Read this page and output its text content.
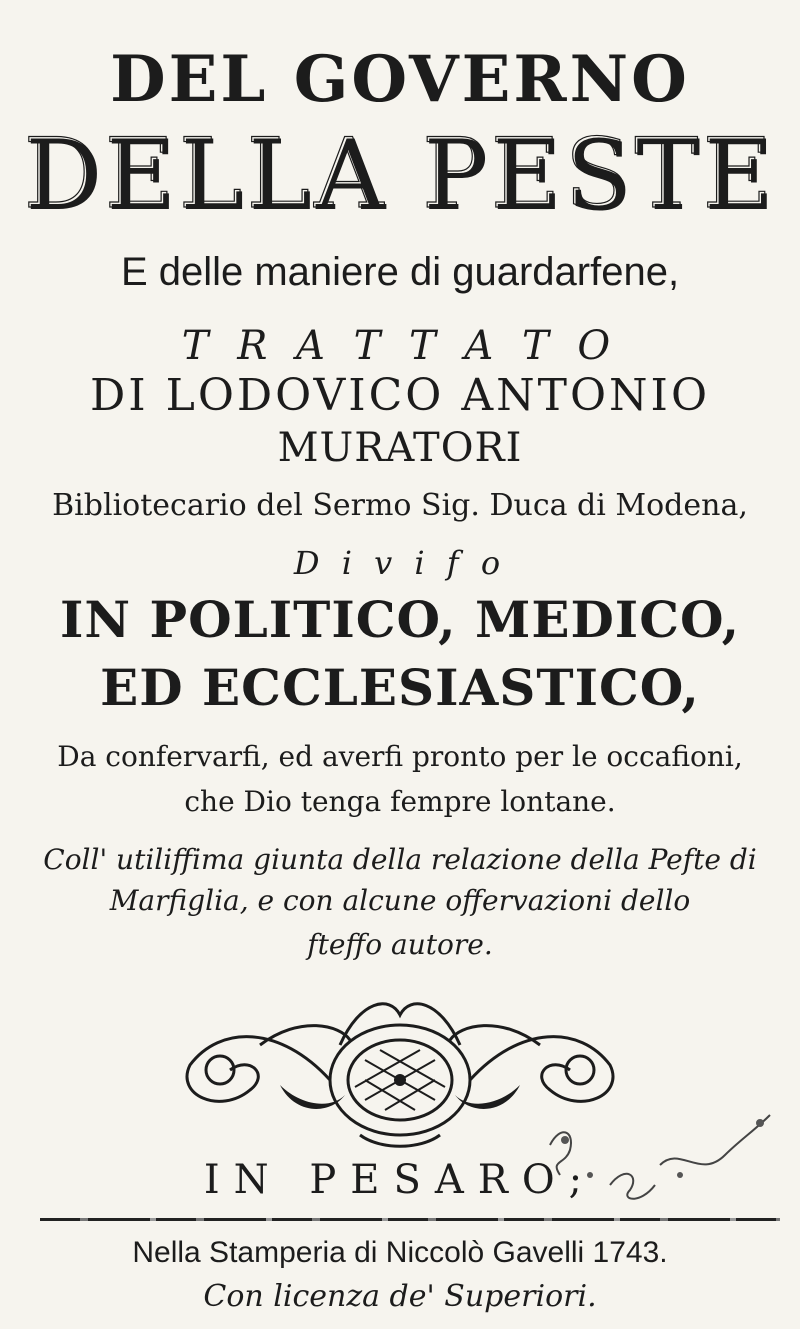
DEL GOVERNO
DELLA PESTE
E delle maniere di guardarfene,
T R A T T A T O
DI LODOVICO ANTONIO
MURATORI
Bibliotecario del Sermo Sig. Duca di Modena,
D i v i f o
IN POLITICO, MEDICO,
ED ECCLESIASTICO,
Da confervarfi, ed averfi pronto per le occafioni,
che Dio tenga fempre lontane.
Coll' utiliffima giunta della relazione della Pefte di
Marfiglia, e con alcune offervazioni dello
fteffo autore.
IN PESARO;
Nella Stamperia di Niccolò Gavelli 1743.
Con licenza de' Superiori.
